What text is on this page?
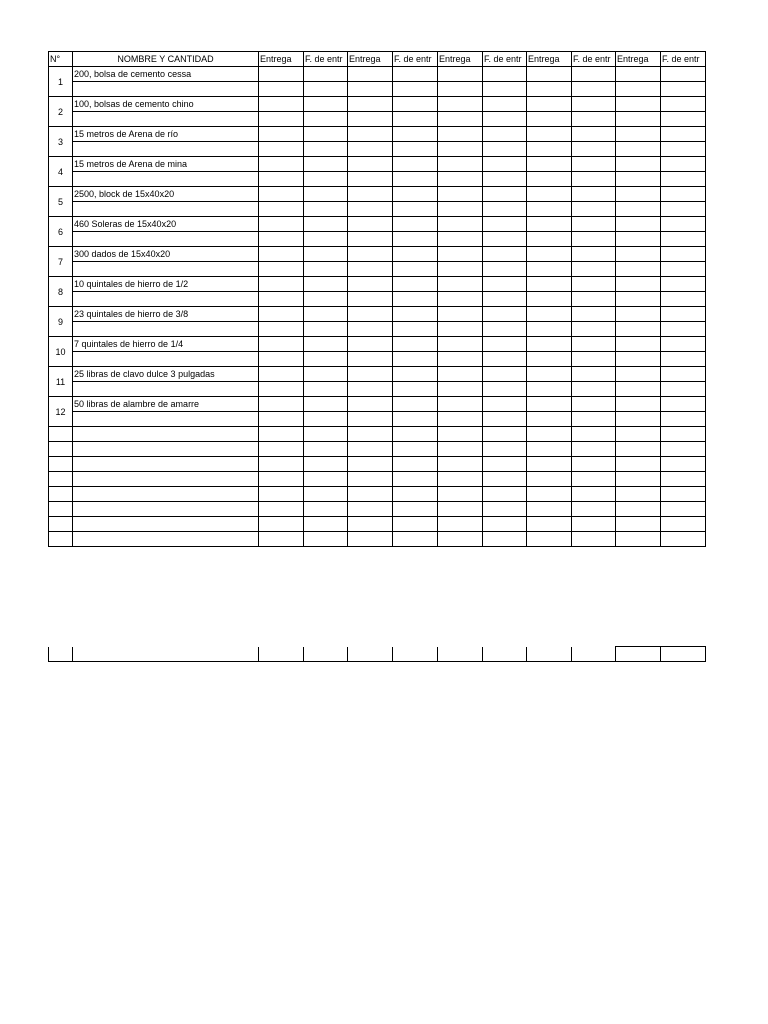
N°	NOMBRE Y CANTIDAD	Entrega	F. de entr	Entrega	F. de entr	Entrega	F. de entr	Entrega	F. de entr	Entrega	F. de entr
1	200, bolsa de cemento cessa										

2	100, bolsas de cemento chino										

3	15 metros de Arena de río										

4	15 metros de Arena de mina										

5	2500, block de 15x40x20										

6	460 Soleras de 15x40x20										

7	300 dados de 15x40x20										

8	10 quintales de hierro de 1/2										

9	23 quintales de hierro de 3/8										

10	7 quintales de hierro de 1/4										

11	25 libras de clavo dulce 3 pulgadas										

12	50 libras de alambre de amarre										
